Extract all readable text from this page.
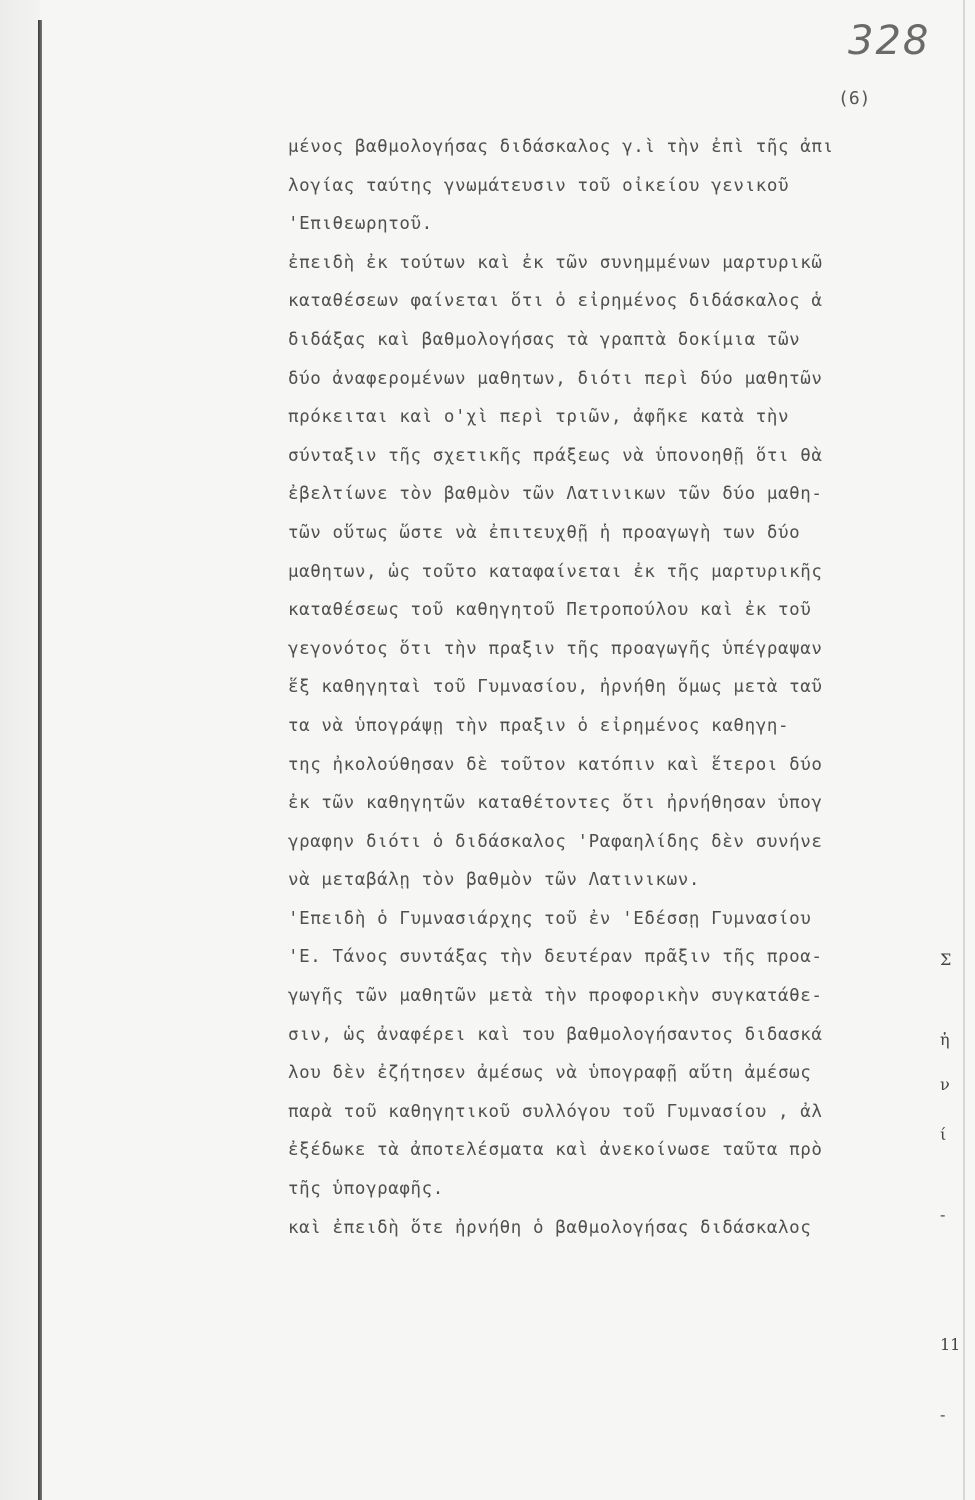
328
(6)
μένος βαθμολογήσας διδάσκαλος γ.ὶ τὴν ἐπὶ τῆς ἀπι
λογίας ταύτης γνωμάτευσιν τοῦ οἰκείου γενικοῦ
'Επιθεωρητοῦ.
ἐπειδὴ ἐκ τούτων καὶ ἐκ τῶν συνημμένων μαρτυρικῶ
καταθέσεων φαίνεται ὅτι ὁ εἰρημένος διδάσκαλος ἁ
διδάξας καὶ βαθμολογήσας τὰ γραπτὰ δοκίμια τῶν
δύο ἀναφερομένων μαθητων, διότι περὶ δύο μαθητῶν
πρόκειται καὶ ο'χὶ περὶ τριῶν, ἀφῆκε κατὰ τὴν
σύνταξιν τῆς σχετικῆς πράξεως νὰ ὑπονοηθῇ ὅτι θὰ
ἐβελτίωνε τὸν βαθμὸν τῶν Λατινικων τῶν δύο μαθη-
τῶν οὕτως ὥστε νὰ ἐπιτευχθῇ ἡ προαγωγὴ των δύο
μαθητων, ὡς τοῦτο καταφαίνεται ἐκ τῆς μαρτυρικῆς
καταθέσεως τοῦ καθηγητοῦ Πετροπούλου καὶ ἐκ τοῦ
γεγονότος ὅτι τὴν πραξιν τῆς προαγωγῆς ὑπέγραψαν
ἕξ καθηγηταὶ τοῦ Γυμνασίου, ἠρνήθη ὅμως μετὰ ταῦ
τα νὰ ὑπογράψῃ τὴν πραξιν ὁ εἰρημένος καθηγη-
της ἠκολούθησαν δὲ τοῦτον κατόπιν καὶ ἕτεροι δύο
ἐκ τῶν καθηγητῶν καταθέτοντες ὅτι ἠρνήθησαν ὑπογ
γραφην διότι ὁ διδάσκαλος 'Ραφαηλίδης δὲν συνήνε
νὰ μεταβάλῃ τὸν βαθμὸν τῶν Λατινικων.
'Επειδὴ ὁ Γυμνασιάρχης τοῦ ἐν 'Εδέσσῃ Γυμνασίου
'Ε. Τάνος συντάξας τὴν δευτέραν πρᾶξιν τῆς προα-
γωγῆς τῶν μαθητῶν μετὰ τὴν προφορικὴν συγκατάθε-
σιν, ὡς ἀναφέρει καὶ του βαθμολογήσαντος διδασκά
λου δὲν ἐζήτησεν ἀμέσως νὰ ὑπογραφῇ αὕτη ἀμέσως
παρὰ τοῦ καθηγητικοῦ συλλόγου τοῦ Γυμνασίου , ἀλ
ἐξέδωκε τὰ ἀποτελέσματα καὶ ἀνεκοίνωσε ταῦτα πρὸ
τῆς ὑπογραφῆς.
καὶ ἐπειδὴ ὅτε ἠρνήθη ὁ βαθμολογήσας διδάσκαλος
Σ
ἡ
ν
ί
-
11
-
